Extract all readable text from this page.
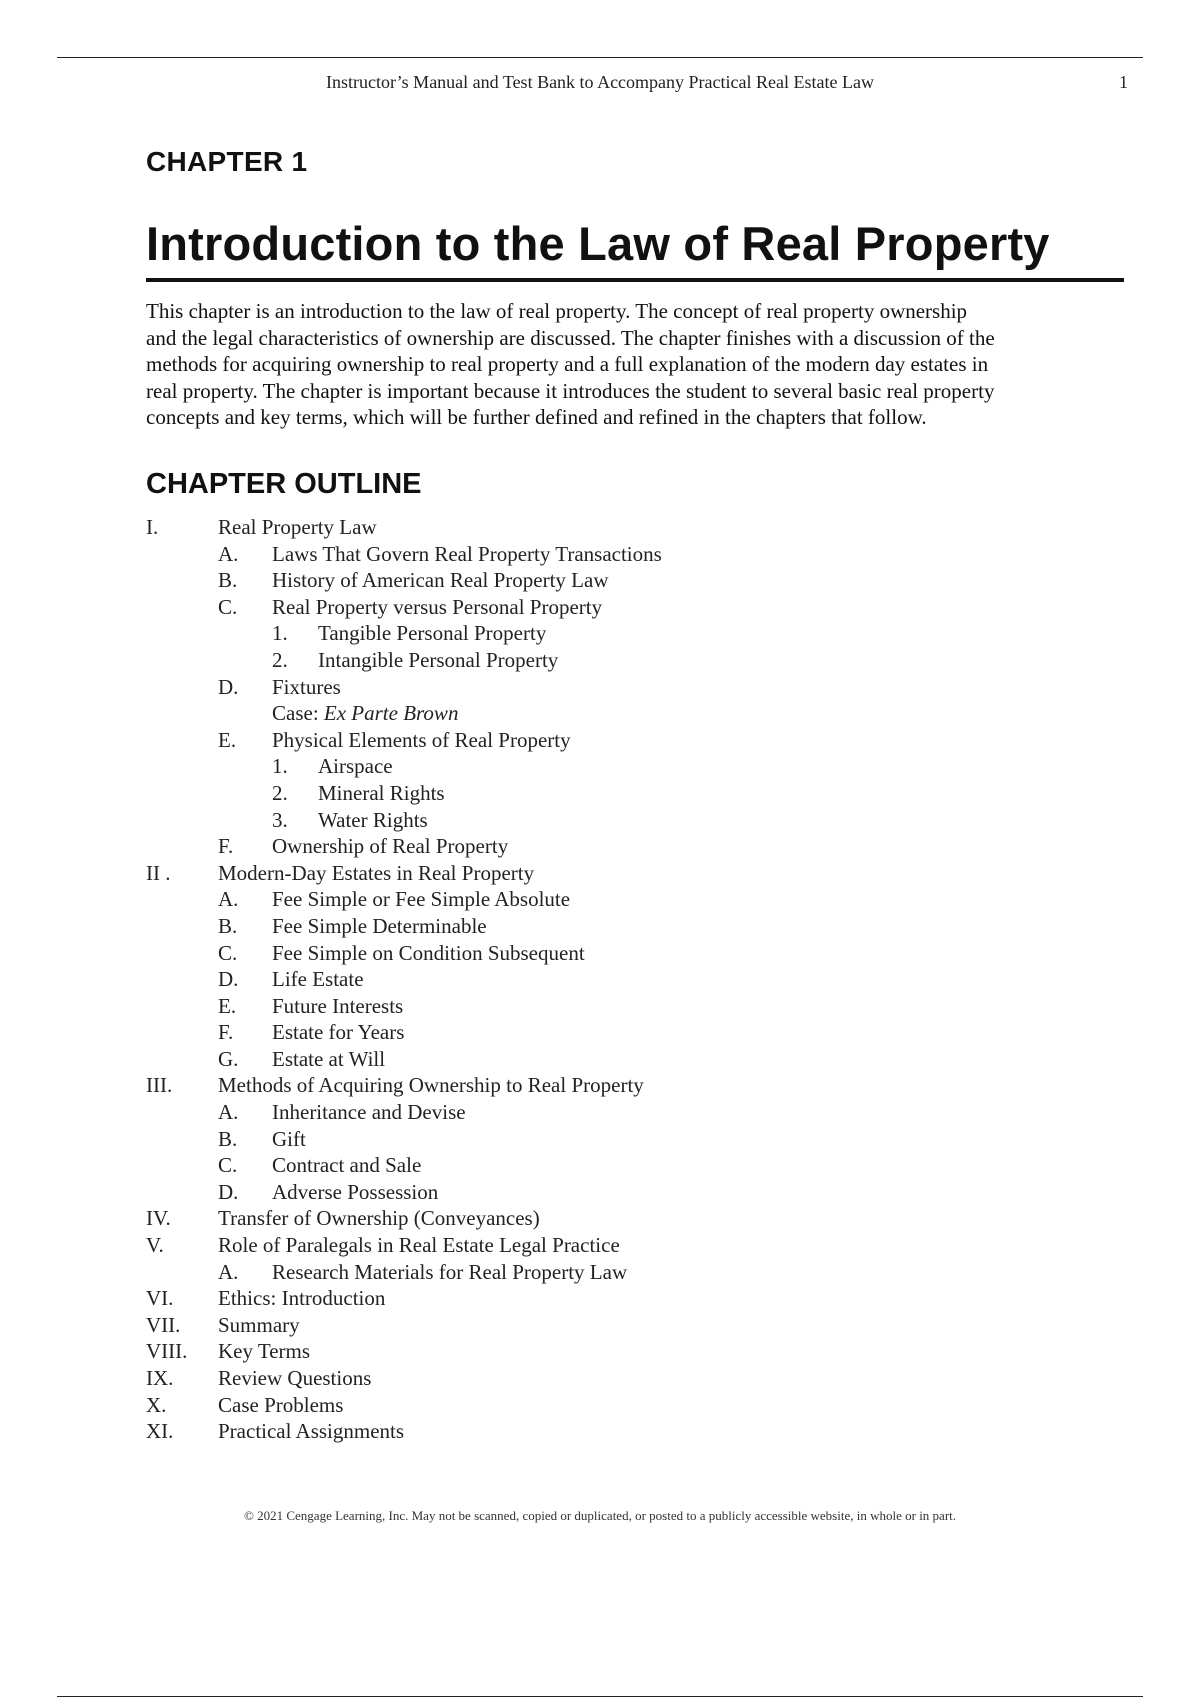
Instructor’s Manual and Test Bank to Accompany Practical Real Estate Law	1
CHAPTER 1
Introduction to the Law of Real Property
This chapter is an introduction to the law of real property. The concept of real property ownership
and the legal characteristics of ownership are discussed. The chapter finishes with a discussion of the
methods for acquiring ownership to real property and a full explanation of the modern day estates in
real property. The chapter is important because it introduces the student to several basic real property
concepts and key terms, which will be further defined and refined in the chapters that follow.
CHAPTER OUTLINE
I.	Real Property Law
A. Laws That Govern Real Property Transactions
B. History of American Real Property Law
C. Real Property versus Personal Property
1. Tangible Personal Property
2. Intangible Personal Property
D. Fixtures
Case: Ex Parte Brown
E. Physical Elements of Real Property
1. Airspace
2. Mineral Rights
3. Water Rights
F. Ownership of Real Property
II . Modern-Day Estates in Real Property
A. Fee Simple or Fee Simple Absolute
B. Fee Simple Determinable
C. Fee Simple on Condition Subsequent
D. Life Estate
E. Future Interests
F. Estate for Years
G. Estate at Will
III. Methods of Acquiring Ownership to Real Property
A. Inheritance and Devise
B. Gift
C. Contract and Sale
D. Adverse Possession
IV. Transfer of Ownership (Conveyances)
V.	Role of Paralegals in Real Estate Legal Practice
A. Research Materials for Real Property Law
VI. Ethics: Introduction
VII. Summary
VIII. Key Terms
IX. Review Questions
X. Case Problems
XI. Practical Assignments
© 2021 Cengage Learning, Inc. May not be scanned, copied or duplicated, or posted to a publicly accessible website, in whole or in part.
